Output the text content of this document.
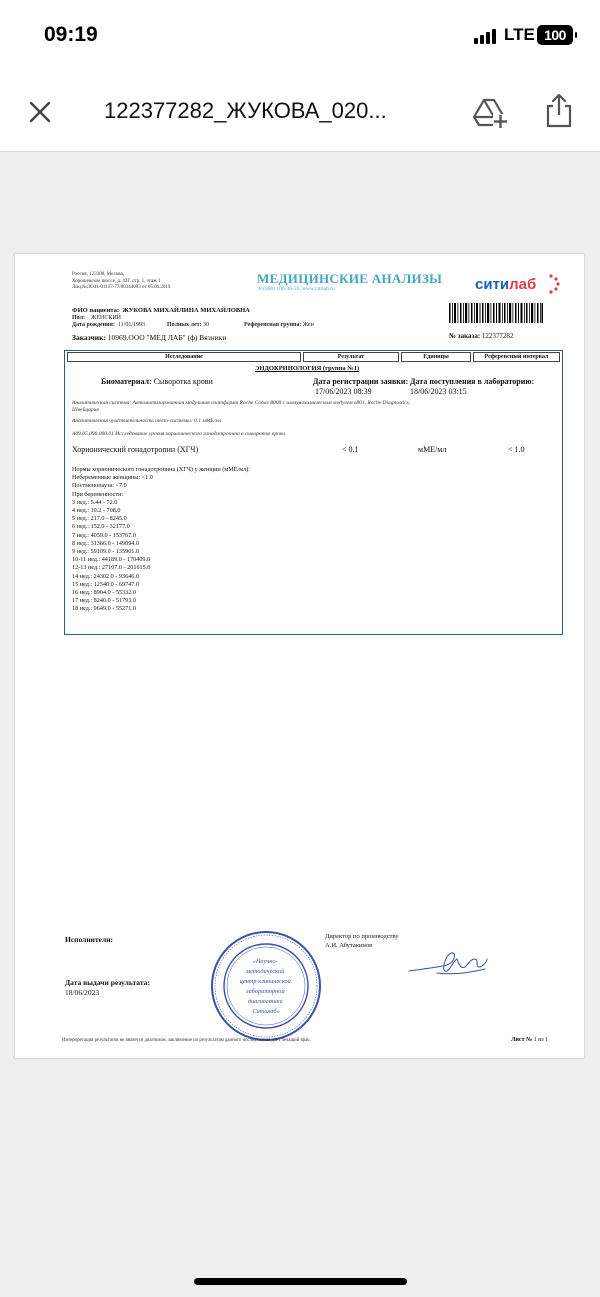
09:19	LTE 100
122377282_ЖУКОВА_020...
Россия, 123308, Москва,
Хорошевское шоссе, д. 43Г, стр. 1, этаж 1
Лиц.№ЛО41-01137-77/00344093 от 05.06.2019
МЕДИЦИНСКИЕ АНАЛИЗЫ
8 (800) 100-36-20, www.citilab.ru	ситилаб
ФИО пациента: ЖУКОВА МИХАЙЛИНА МИХАЙЛОВНА
Пол: ЖЕНСКИЙ
Дата рождения: 11/01/1993	Полных лет: 30	Референсная группа: Жен
Заказчик: 10969.ООО "МЕД ЛАБ" (ф) Вязники	№ заказа: 122377282
Исследование	Результат	Единицы	Референсный интервал
ЭНДОКРИНОЛОГИЯ (группа №1)
Биоматериал: Сыворотка крови	Дата регистрации заявки:
17/06/2023 08:39
Дата поступления в лабораторию:
18/06/2023 03:15
Аналитическая система: Автоматизированная модульная платформа Roche Cobas 8000 с иммунохимическим модулем e801, Roche Diagnostics,
Швейцария
Аналитическая чувствительность тест-системы: 0.1 мМЕ/мл
A09.05.090.000.01 Исследование уровня хорионического гонадотропина в сыворотке крови
Хорионический гонадотропин (ХГЧ)	< 0.1	мМЕ/мл	< 1.0
Нормы хорионического гонадотропина (ХГЧ) у женщин (мМЕ/мл):
Небеременные женщины: <1.0
Постменопауза: <7.0
При беременности:
3 нед.: 5.44 - 72.0
4 нед.: 10.2 - 708.0
5 нед.: 217.0 - 8245.0
6 нед.: 152.0 - 32177.0
7 нед.: 4059.0 - 153767.0
8 нед.: 31366.0 - 149094.0
9 нед.: 59109.0 - 135901.0
10-11 нед.: 44189.0 - 170409.0
12-13 нед.: 27107.0 - 201615.0
14 нед.: 24302.0 - 93646.0
15 нед.: 12540.0 - 69747.0
16 нед.: 8904.0 - 55332.0
17 нед.: 8240.0 - 51793.0
18 нед.: 9649.0 - 55271.0
Исполнители:
«Научно- методический центр клинической лабораторной диагностики Ситилаб»
Директор по производству
А.И. Абутакинов
Дата выдачи результата:
18/06/2023
Интерпретация результатов не является диагнозом, заключение по результатам данного исследования дает лечащий врач.	Лист № 1 из 1
